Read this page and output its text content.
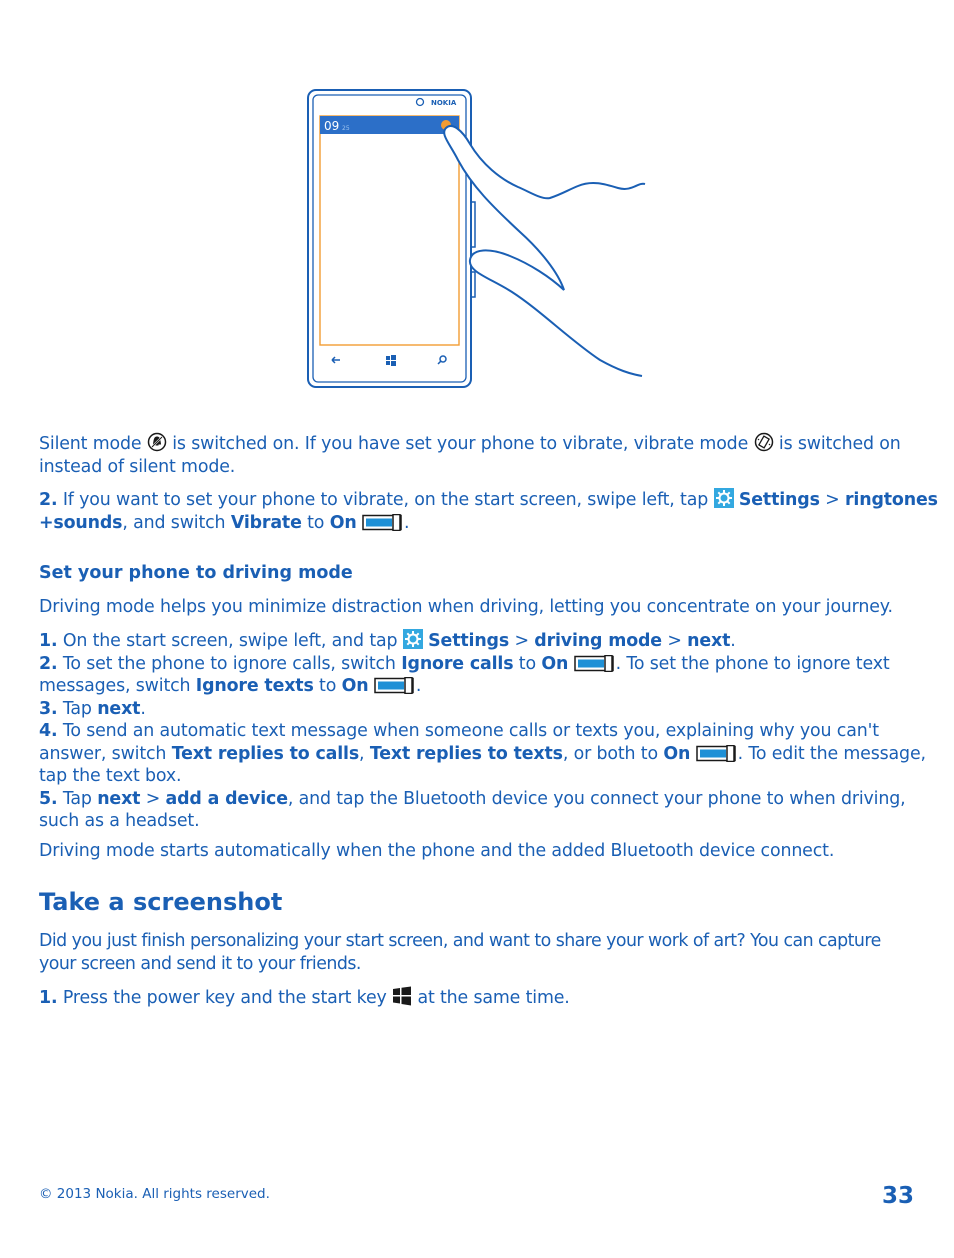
NOKIA
09 25

Silent mode is switched on. If you have set your phone to vibrate, vibrate mode is switched on
instead of silent mode.

2. If you want to set your phone to vibrate, on the start screen, swipe left, tap Settings > ringtones
+sounds, and switch Vibrate to On	.

Set your phone to driving mode

Driving mode helps you minimize distraction when driving, letting you concentrate on your journey.

1. On the start screen, swipe left, and tap Settings > driving mode > next.
2. To set the phone to ignore calls, switch Ignore calls to On	. To set the phone to ignore text
messages, switch Ignore texts to On	.
3. Tap next.
4. To send an automatic text message when someone calls or texts you, explaining why you can't
answer, switch Text replies to calls, Text replies to texts, or both to On	. To edit the message,
tap the text box.
5. Tap next > add a device, and tap the Bluetooth device you connect your phone to when driving,
such as a headset.

Driving mode starts automatically when the phone and the added Bluetooth device connect.

Take a screenshot

Did you just finish personalizing your start screen, and want to share your work of art? You can capture
your screen and send it to your friends.

1. Press the power key and the start key at the same time.

© 2013 Nokia. All rights reserved.	33
